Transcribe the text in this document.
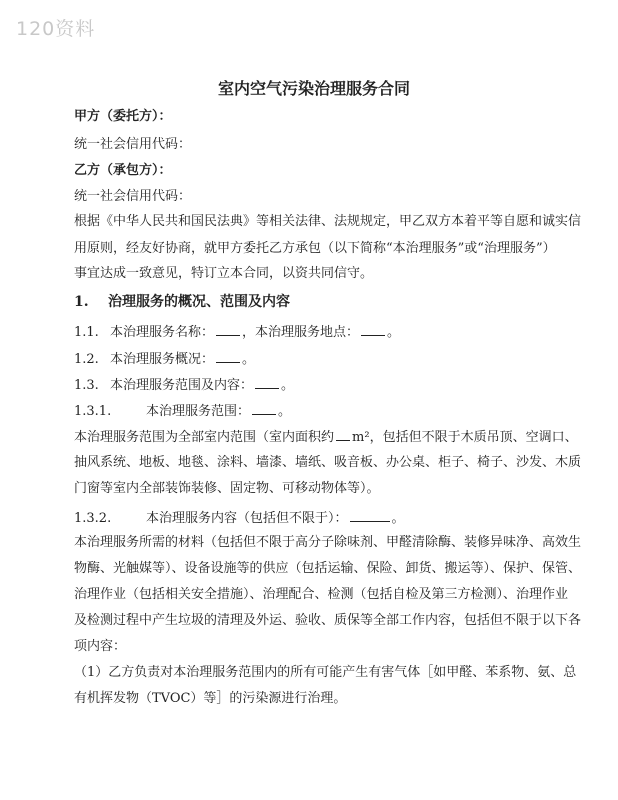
120资料
室内空气污染治理服务合同
甲方（委托方）：
统一社会信用代码：
乙方（承包方）：
统一社会信用代码：
根据《中华人民共和国民法典》等相关法律、法规规定，甲乙双方本着平等自愿和诚实信
用原则，经友好协商，就甲方委托乙方承包（以下简称“本治理服务”或“治理服务”）
事宜达成一致意见，特订立本合同，以资共同信守。
1. 治理服务的概况、范围及内容
1.1. 本治理服务名称： ，本治理服务地点： 。
1.2. 本治理服务概况： 。
1.3. 本治理服务范围及内容： 。
1.3.1.	本治理服务范围： 。
本治理服务范围为全部室内范围（室内面积约 m²，包括但不限于木质吊顶、空调口、
抽风系统、地板、地毯、涂料、墙漆、墙纸、吸音板、办公桌、柜子、椅子、沙发、木质
门窗等室内全部装饰装修、固定物、可移动物体等）。
1.3.2.	本治理服务内容（包括但不限于）：	。
本治理服务所需的材料（包括但不限于高分子除味剂、甲醛清除酶、装修异味净、高效生
物酶、光触媒等）、设备设施等的供应（包括运输、保险、卸货、搬运等）、保护、保管、
治理作业（包括相关安全措施）、治理配合、检测（包括自检及第三方检测）、治理作业
及检测过程中产生垃圾的清理及外运、验收、质保等全部工作内容，包括但不限于以下各
项内容：
（1）乙方负责对本治理服务范围内的所有可能产生有害气体［如甲醛、苯系物、氨、总
有机挥发物（TVOC）等］的污染源进行治理。
